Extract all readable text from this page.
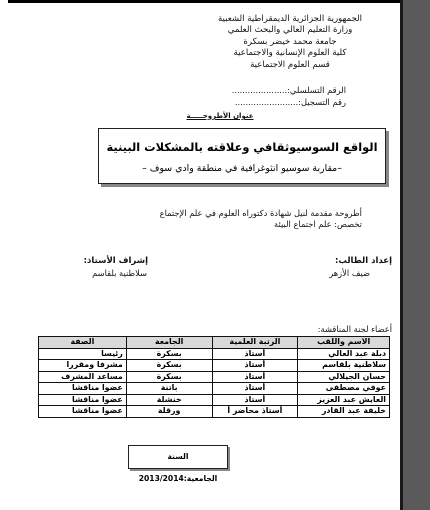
الجمهورية الجزائرية الديمقراطية الشعبية
وزارة التعليم العالي والبحث العلمي
جامعة محمد خيضر بسكرة
كلية العلوم الإنسانية والاجتماعية
قسم العلوم الاجتماعية
الرقم التسلسلي:.....................
رقم التسجيل:........................
عنوان الأطروحـــــة
الواقع السوسيوثقافي وعلاقته بالمشكلات البينية
–مقاربة سوسيو انثوغرافية في منطقة وادي سوف –
أطروحة مقدمة لنيل شهادة دكتوراه العلوم في علم الإجتماع
تخصص: علم اجتماع البيئة
إعداد الطالب:
ضيف الأزهر
إشراف الأستاذ:
سلاطنية بلقاسم
أعضاء لجنة المناقشة:
الاسم واللقب	الرتبة العلمية	الجامعة	الصفة
دبلة عبد العالي	أستاذ	بسكرة	رئيسا
سلاطنية بلقاسم	أستاذ	بسكرة	مشرفا ومقررا
حسان الجيلالي	أستاذ	بسكرة	مساعد المشرف
عوفي مصطفى	أستاذ	باتنة	عضوا مناقشا
العايش عبد العزيز	أستاذ	خنشلة	عضوا مناقشا
خليفة عبد القادر	أستاذ محاضر أ	ورقلة	عضوا مناقشا
السنة الجامعية:2013/2014
